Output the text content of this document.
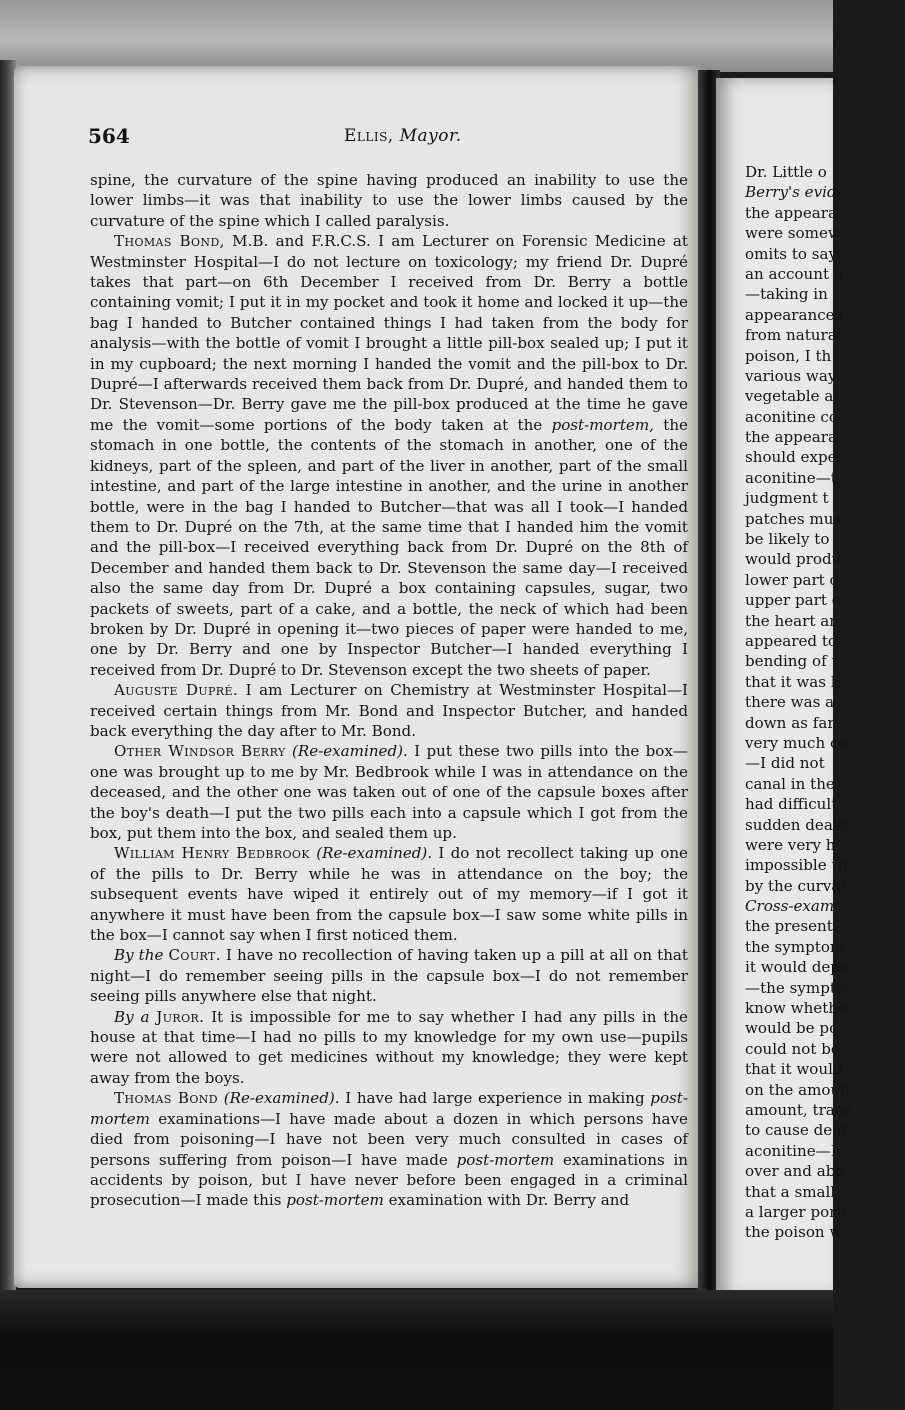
564	Ellis, Mayor.

spine, the curvature of the spine having produced an inability to use the lower limbs—it was that inability to use the lower limbs caused by the curvature of the spine which I called paralysis.

Thomas Bond, M.B. and F.R.C.S. I am Lecturer on Forensic Medicine at Westminster Hospital—I do not lecture on toxicology; my friend Dr. Dupré takes that part—on 6th December I received from Dr. Berry a bottle containing vomit; I put it in my pocket and took it home and locked it up—the bag I handed to Butcher contained things I had taken from the body for analysis—with the bottle of vomit I brought a little pill-box sealed up; I put it in my cupboard; the next morning I handed the vomit and the pill-box to Dr. Dupré—I afterwards received them back from Dr. Dupré, and handed them to Dr. Stevenson—Dr. Berry gave me the pill-box produced at the time he gave me the vomit—some portions of the body taken at the post-mortem, the stomach in one bottle, the contents of the stomach in another, one of the kidneys, part of the spleen, and part of the liver in another, part of the small intestine, and part of the large intestine in another, and the urine in another bottle, were in the bag I handed to Butcher—that was all I took—I handed them to Dr. Dupré on the 7th, at the same time that I handed him the vomit and the pill-box—I received everything back from Dr. Dupré on the 8th of December and handed them back to Dr. Stevenson the same day—I received also the same day from Dr. Dupré a box containing capsules, sugar, two packets of sweets, part of a cake, and a bottle, the neck of which had been broken by Dr. Dupré in opening it—two pieces of paper were handed to me, one by Dr. Berry and one by Inspector Butcher—I handed everything I received from Dr. Dupré to Dr. Stevenson except the two sheets of paper.

Auguste Dupré. I am Lecturer on Chemistry at Westminster Hospital—I received certain things from Mr. Bond and Inspector Butcher, and handed back everything the day after to Mr. Bond.

Other Windsor Berry (Re-examined). I put these two pills into the box—one was brought up to me by Mr. Bedbrook while I was in attendance on the deceased, and the other one was taken out of one of the capsule boxes after the boy's death—I put the two pills each into a capsule which I got from the box, put them into the box, and sealed them up.

William Henry Bedbrook (Re-examined). I do not recollect taking up one of the pills to Dr. Berry while he was in attendance on the boy; the subsequent events have wiped it entirely out of my memory—if I got it anywhere it must have been from the capsule box—I saw some white pills in the box—I cannot say when I first noticed them.

By the Court. I have no recollection of having taken up a pill at all on that night—I do remember seeing pills in the capsule box—I do not remember seeing pills anywhere else that night.

By a Juror. It is impossible for me to say whether I had any pills in the house at that time—I had no pills to my knowledge for my own use—pupils were not allowed to get medicines without my knowledge; they were kept away from the boys.

Thomas Bond (Re-examined). I have had large experience in making post-mortem examinations—I have made about a dozen in which persons have died from poisoning—I have not been very much consulted in cases of persons suffering from poison—I have made post-mortem examinations in accidents by poison, but I have never before been engaged in a criminal prosecution—I made this post-mortem examination with Dr. Berry and

Dr. Little o
Berry's evid
the appeara
were somew
omits to say
an account o
—taking in
appearances
from natura
poison, I th
various way
vegetable al
aconitine co
the appeara
should expe
aconitine—t
judgment t
patches mus
be likely to
would produ
lower part o
upper part o
the heart an
appeared to
bending of t
that it was h
there was a
down as far
very much co
—I did not
canal in the
had difficult
sudden death
were very h
impossible th
by the curvat
Cross-exam
the present
the symptom
it would depe
—the sympto
know whethe
would be po
could not be
that it would
on the amoun
amount, trace
to cause deat
aconitine—I
over and abo
that a small
a larger porti
the poison w
